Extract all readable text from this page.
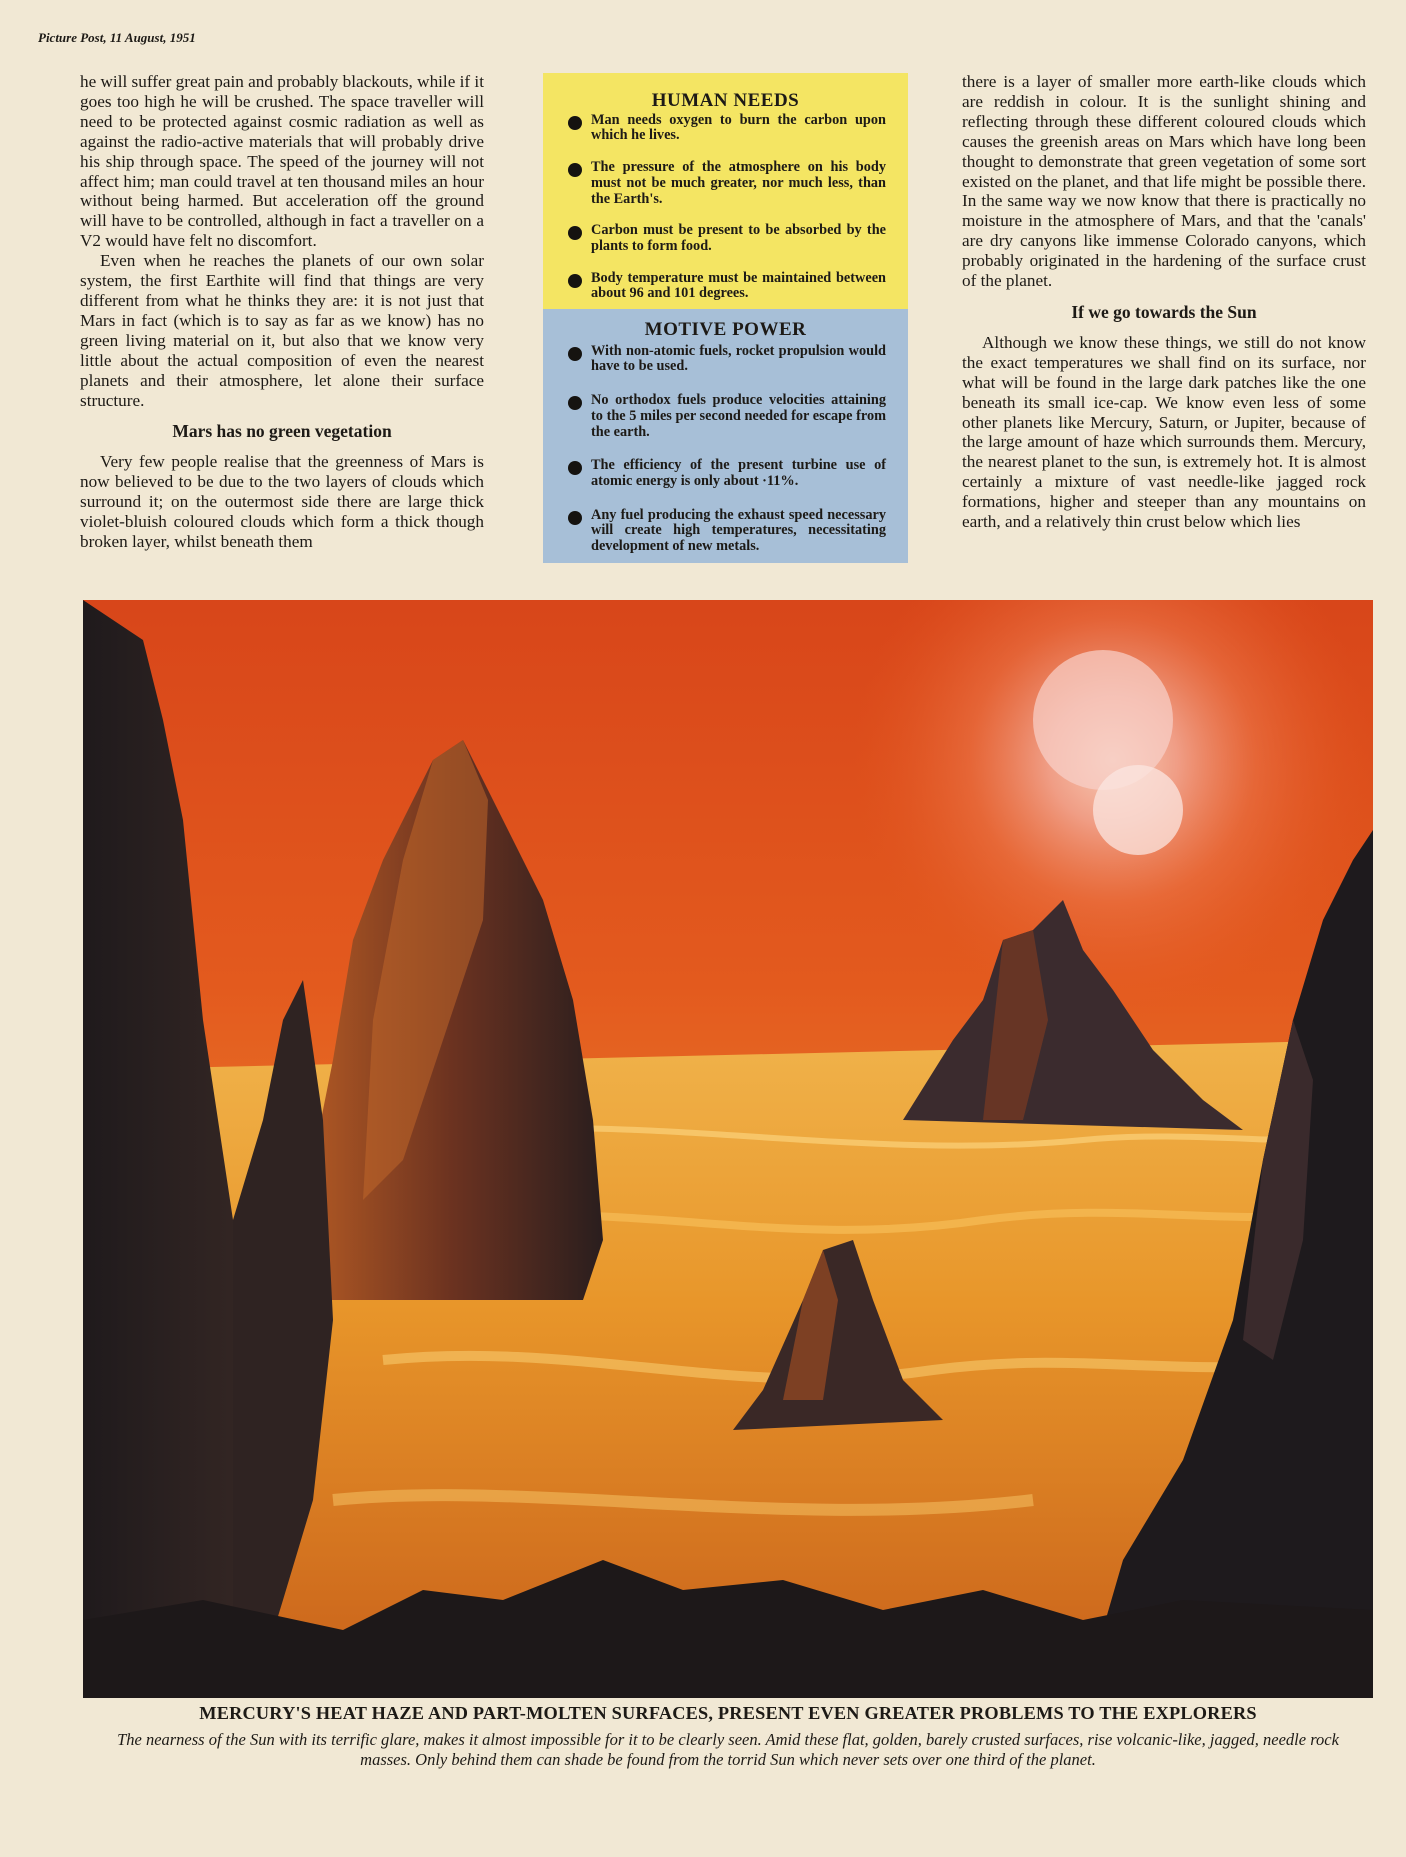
Picture Post, 11 August, 1951

he will suffer great pain and probably blackouts, while if it goes too high he will be crushed. The space traveller will need to be protected against cosmic radiation as well as against the radio-active materials that will probably drive his ship through space. The speed of the journey will not affect him; man could travel at ten thousand miles an hour without being harmed. But acceleration off the ground will have to be controlled, although in fact a traveller on a V2 would have felt no discomfort.

Even when he reaches the planets of our own solar system, the first Earthite will find that things are very different from what he thinks they are: it is not just that Mars in fact (which is to say as far as we know) has no green living material on it, but also that we know very little about the actual composition of even the nearest planets and their atmosphere, let alone their surface structure.

Mars has no green vegetation

Very few people realise that the greenness of Mars is now believed to be due to the two layers of clouds which surround it; on the outermost side there are large thick violet-bluish coloured clouds which form a thick though broken layer, whilst beneath them

HUMAN NEEDS
Man needs oxygen to burn the carbon upon which he lives.
The pressure of the atmosphere on his body must not be much greater, nor much less, than the Earth's.
Carbon must be present to be absorbed by the plants to form food.
Body temperature must be maintained between about 96 and 101 degrees.
MOTIVE POWER
With non-atomic fuels, rocket propulsion would have to be used.
No orthodox fuels produce velocities attaining to the 5 miles per second needed for escape from the earth.
The efficiency of the present turbine use of atomic energy is only about ·11%.
Any fuel producing the exhaust speed necessary will create high temperatures, necessitating development of new metals.

there is a layer of smaller more earth-like clouds which are reddish in colour. It is the sunlight shining and reflecting through these different coloured clouds which causes the greenish areas on Mars which have long been thought to demonstrate that green vegetation of some sort existed on the planet, and that life might be possible there. In the same way we now know that there is practically no moisture in the atmosphere of Mars, and that the 'canals' are dry canyons like immense Colorado canyons, which probably originated in the hardening of the surface crust of the planet.

If we go towards the Sun

Although we know these things, we still do not know the exact temperatures we shall find on its surface, nor what will be found in the large dark patches like the one beneath its small ice-cap. We know even less of some other planets like Mercury, Saturn, or Jupiter, because of the large amount of haze which surrounds them. Mercury, the nearest planet to the sun, is extremely hot. It is almost certainly a mixture of vast needle-like jagged rock formations, higher and steeper than any mountains on earth, and a relatively thin crust below which lies

MERCURY'S HEAT HAZE AND PART-MOLTEN SURFACES, PRESENT EVEN GREATER PROBLEMS TO THE EXPLORERS
The nearness of the Sun with its terrific glare, makes it almost impossible for it to be clearly seen. Amid these flat, golden, barely crusted surfaces, rise volcanic-like, jagged, needle rock masses. Only behind them can shade be found from the torrid Sun which never sets over one third of the planet.
